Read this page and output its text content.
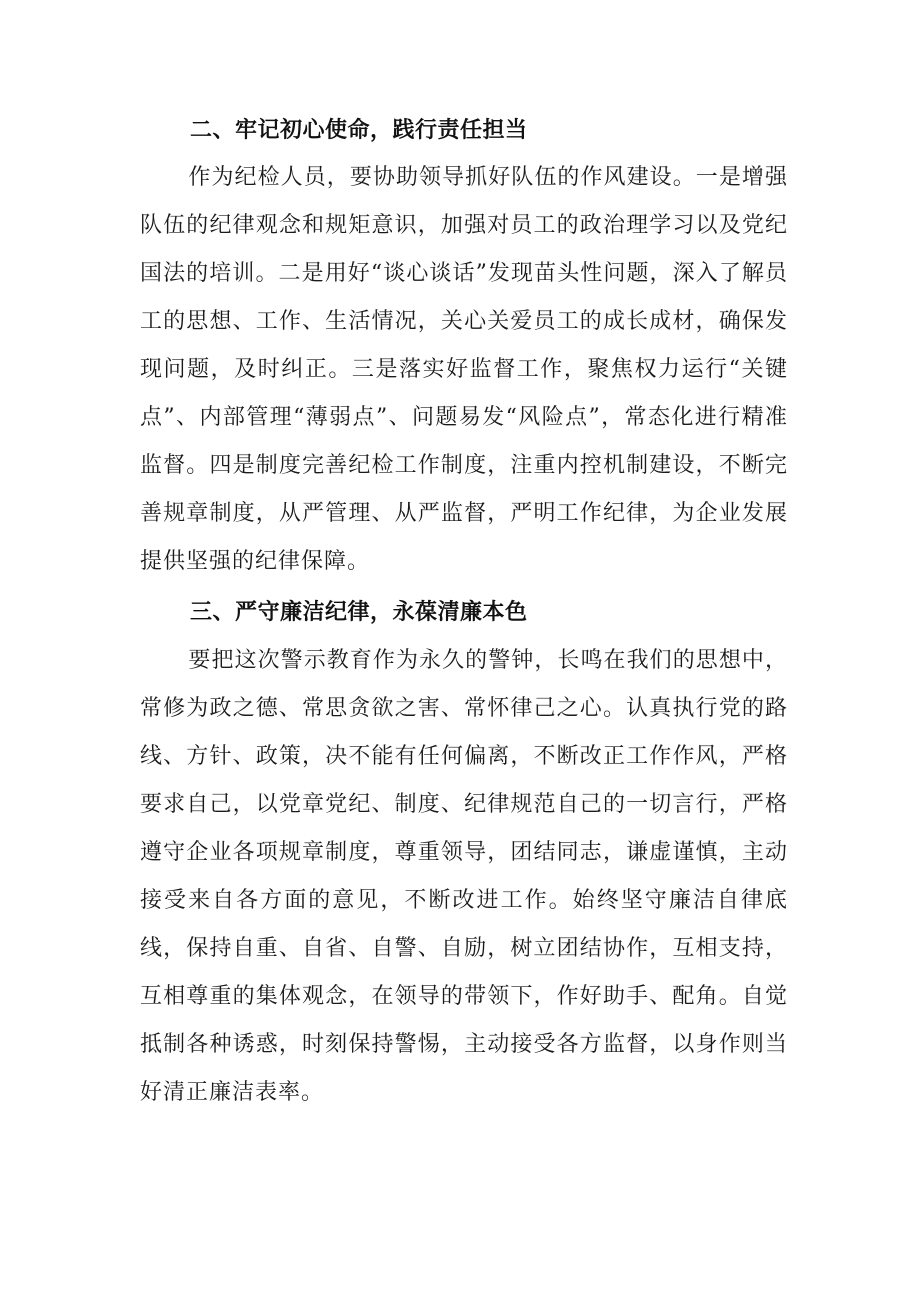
二、牢记初心使命，践行责任担当

作为纪检人员，要协助领导抓好队伍的作风建设。一是增强队伍的纪律观念和规矩意识，加强对员工的政治理学习以及党纪国法的培训。二是用好“谈心谈话”发现苗头性问题，深入了解员工的思想、工作、生活情况，关心关爱员工的成长成材，确保发现问题，及时纠正。三是落实好监督工作，聚焦权力运行“关键点”、内部管理“薄弱点”、问题易发“风险点”，常态化进行精准监督。四是制度完善纪检工作制度，注重内控机制建设，不断完善规章制度，从严管理、从严监督，严明工作纪律，为企业发展提供坚强的纪律保障。

三、严守廉洁纪律，永葆清廉本色

要把这次警示教育作为永久的警钟，长鸣在我们的思想中，常修为政之德、常思贪欲之害、常怀律己之心。认真执行党的路线、方针、政策，决不能有任何偏离，不断改正工作作风，严格要求自己，以党章党纪、制度、纪律规范自己的一切言行，严格遵守企业各项规章制度，尊重领导，团结同志，谦虚谨慎，主动接受来自各方面的意见，不断改进工作。始终坚守廉洁自律底线，保持自重、自省、自警、自励，树立团结协作，互相支持，互相尊重的集体观念，在领导的带领下，作好助手、配角。自觉抵制各种诱惑，时刻保持警惕，主动接受各方监督，以身作则当好清正廉洁表率。
